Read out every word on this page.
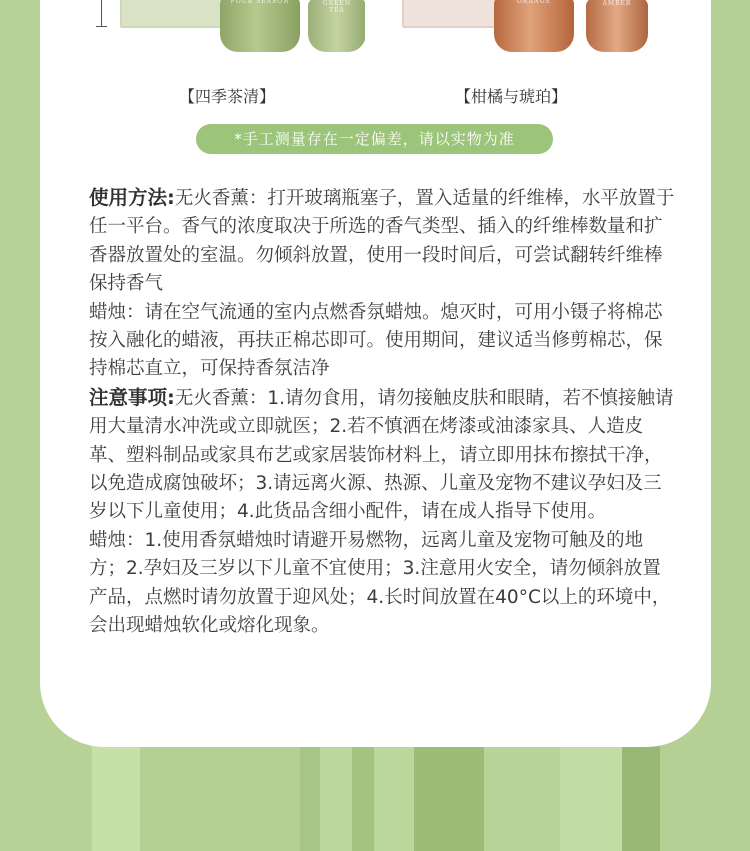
FOUR SEASON	GREEN TEA
ORANGE	AMBER
【四季茶清】	【柑橘与琥珀】
*手工测量存在一定偏差，请以实物为准

使用方法:无火香薰：打开玻璃瓶塞子，置入适量的纤维棒，水平放置于任一平台。香气的浓度取决于所选的香气类型、插入的纤维棒数量和扩香器放置处的室温。勿倾斜放置，使用一段时间后，可尝试翻转纤维棒保持香气

蜡烛：请在空气流通的室内点燃香氛蜡烛。熄灭时，可用小镊子将棉芯按入融化的蜡液，再扶正棉芯即可。使用期间，建议适当修剪棉芯，保持棉芯直立，可保持香氛洁净

注意事项:无火香薰：1.请勿食用，请勿接触皮肤和眼睛，若不慎接触请用大量清水冲洗或立即就医；2.若不慎洒在烤漆或油漆家具、人造皮革、塑料制品或家具布艺或家居装饰材料上，请立即用抹布擦拭干净，以免造成腐蚀破坏；3.请远离火源、热源、儿童及宠物不建议孕妇及三岁以下儿童使用；4.此货品含细小配件，请在成人指导下使用。

蜡烛：1.使用香氛蜡烛时请避开易燃物，远离儿童及宠物可触及的地方；2.孕妇及三岁以下儿童不宜使用；3.注意用火安全，请勿倾斜放置产品，点燃时请勿放置于迎风处；4.长时间放置在40°C以上的环境中，会出现蜡烛软化或熔化现象。
